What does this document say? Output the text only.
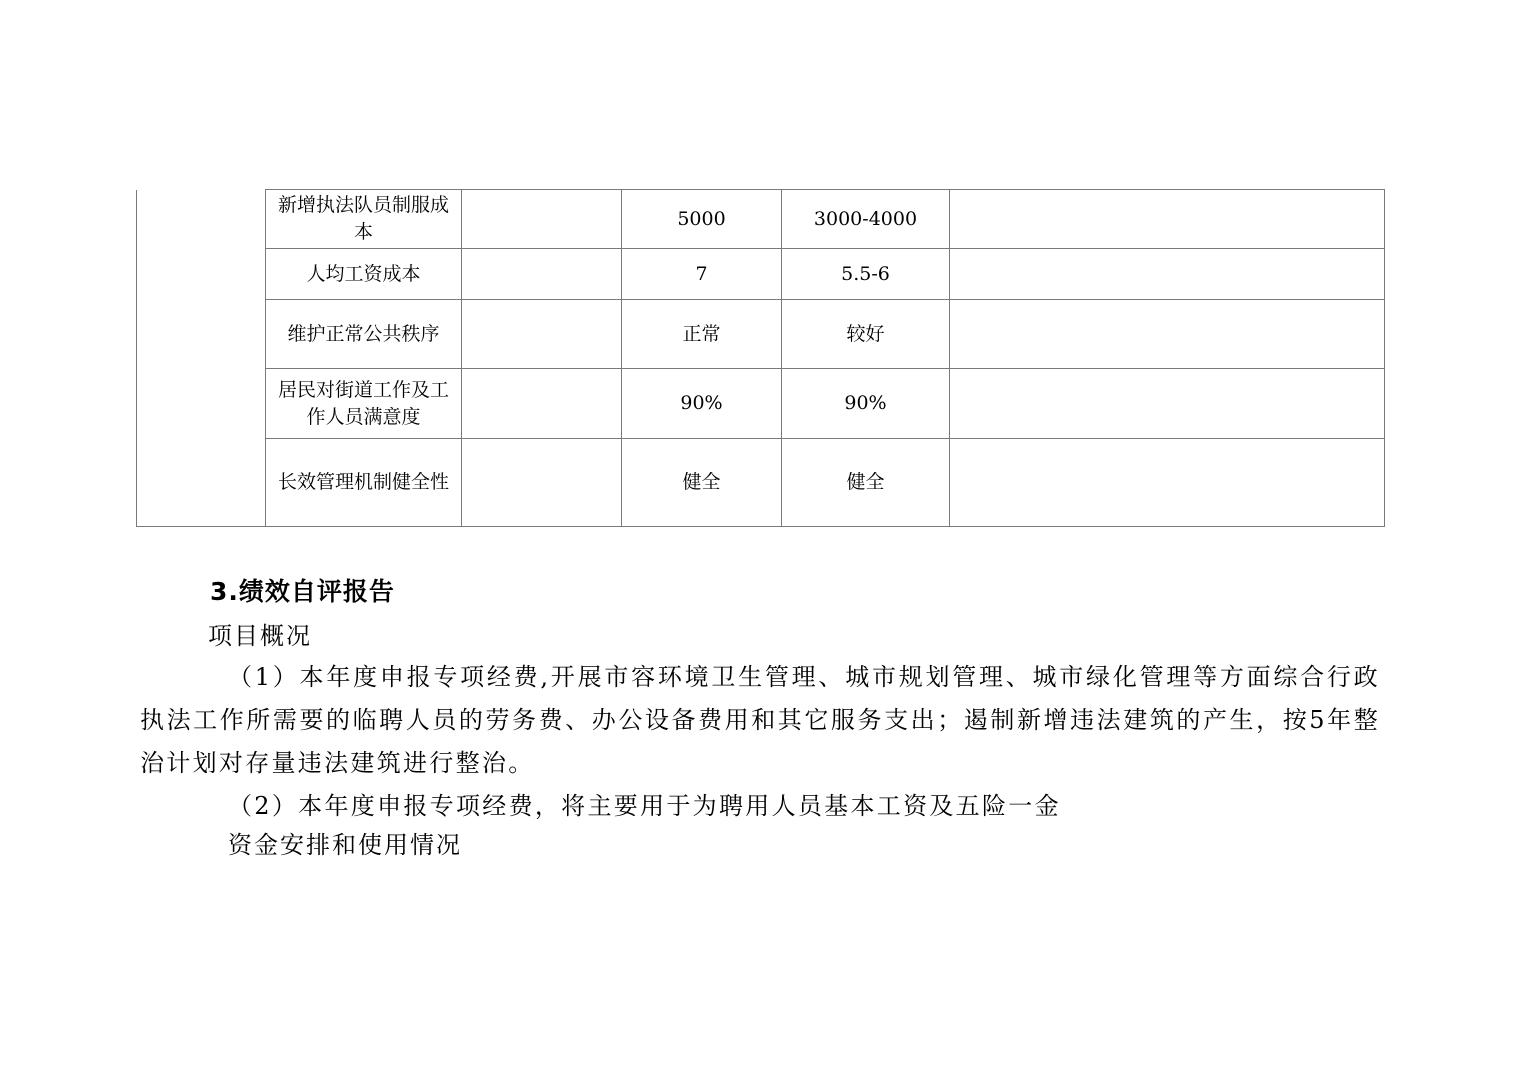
	新增执法队员制服成本		5000	3000-4000	
	人均工资成本		7	5.5-6	
	维护正常公共秩序		正常	较好	
	居民对街道工作及工作人员满意度		90%	90%	
	长效管理机制健全性		健全	健全	
3.绩效自评报告
项目概况

（1）本年度申报专项经费,开展市容环境卫生管理、城市规划管理、城市绿化管理等方面综合行政执法工作所需要的临聘人员的劳务费、办公设备费用和其它服务支出；遏制新增违法建筑的产生，按5年整治计划对存量违法建筑进行整治。

（2）本年度申报专项经费，将主要用于为聘用人员基本工资及五险一金

资金安排和使用情况
